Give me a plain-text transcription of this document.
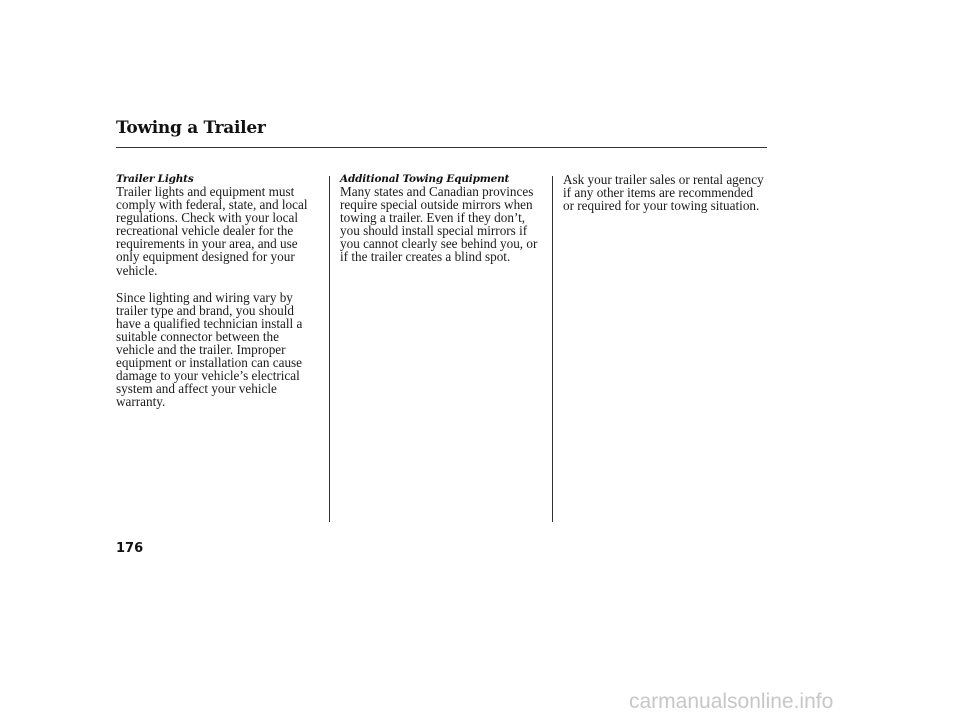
Towing a Trailer
Trailer Lights

Trailer lights and equipment must comply with federal, state, and local regulations. Check with your local recreational vehicle dealer for the requirements in your area, and use only equipment designed for your vehicle.

Since lighting and wiring vary by trailer type and brand, you should have a qualified technician install a suitable connector between the vehicle and the trailer. Improper equipment or installation can cause damage to your vehicle’s electrical system and affect your vehicle warranty.

Additional Towing Equipment

Many states and Canadian provinces require special outside mirrors when towing a trailer. Even if they don’t, you should install special mirrors if you cannot clearly see behind you, or if the trailer creates a blind spot.

Ask your trailer sales or rental agency if any other items are recommended or required for your towing situation.

176

carmanualsonline.info
